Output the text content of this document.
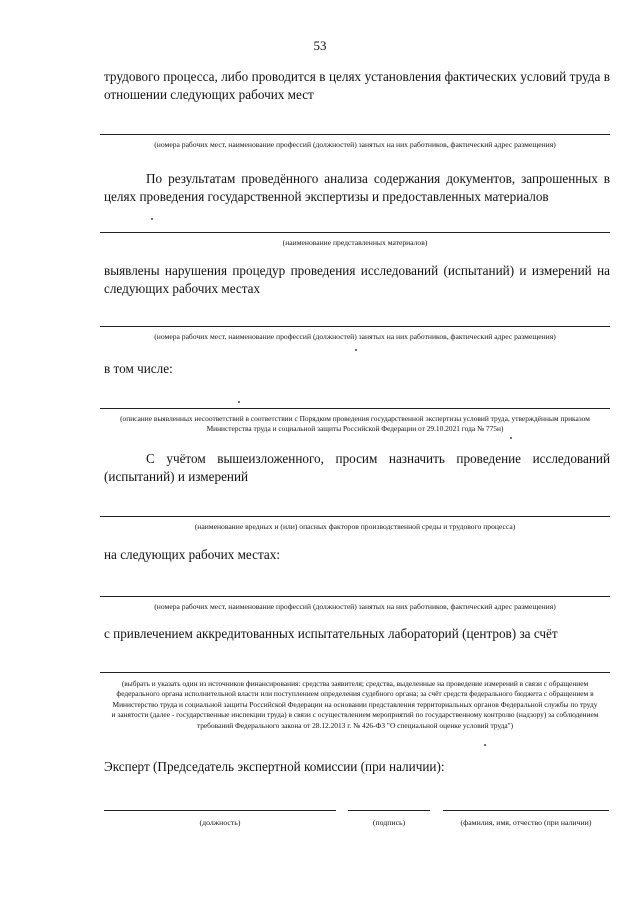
53
трудового процесса, либо проводится в целях установления фактических условий труда в отношении следующих рабочих мест
(номера рабочих мест, наименование профессий (должностей) занятых на них работников, фактический адрес размещения)
По результатам проведённого анализа содержания документов, запрошенных в целях проведения государственной экспертизы и предоставленных материалов
(наименование представленных материалов)
выявлены нарушения процедур проведения исследований (испытаний) и измерений на следующих рабочих местах
(номера рабочих мест, наименование профессий (должностей) занятых на них работников, фактический адрес размещения)
в том числе:
(описание выявленных несоответствий в соответствии с Порядком проведения государственной экспертизы условий труда, утверждённым приказом Министерства труда и социальной защиты Российской Федерации от 29.10.2021 года № 775н)
С учётом вышеизложенного, просим назначить проведение исследований (испытаний) и измерений
(наименование вредных и (или) опасных факторов производственной среды и трудового процесса)
на следующих рабочих местах:
(номера рабочих мест, наименование профессий (должностей) занятых на них работников, фактический адрес размещения)
с привлечением аккредитованных испытательных лабораторий (центров) за счёт
(выбрать и указать один из источников финансирования: средства заявителя; средства, выделенные на проведение измерений в связи с обращением федерального органа исполнительной власти или поступлением определения судебного органа; за счёт средств федерального бюджета с обращением в Министерство труда и социальной защиты Российской Федерации на основании представления территориальных органов Федеральной службы по труду и занятости (далее - государственные инспекции труда) в связи с осуществлением мероприятий по государственному контролю (надзору) за соблюдением требований Федерального закона от 28.12.2013 г. № 426-ФЗ "О специальной оценке условий труда")
Эксперт (Председатель экспертной комиссии (при наличии):
(должность)	(подпись)	(фамилия, имя, отчество (при наличии)
